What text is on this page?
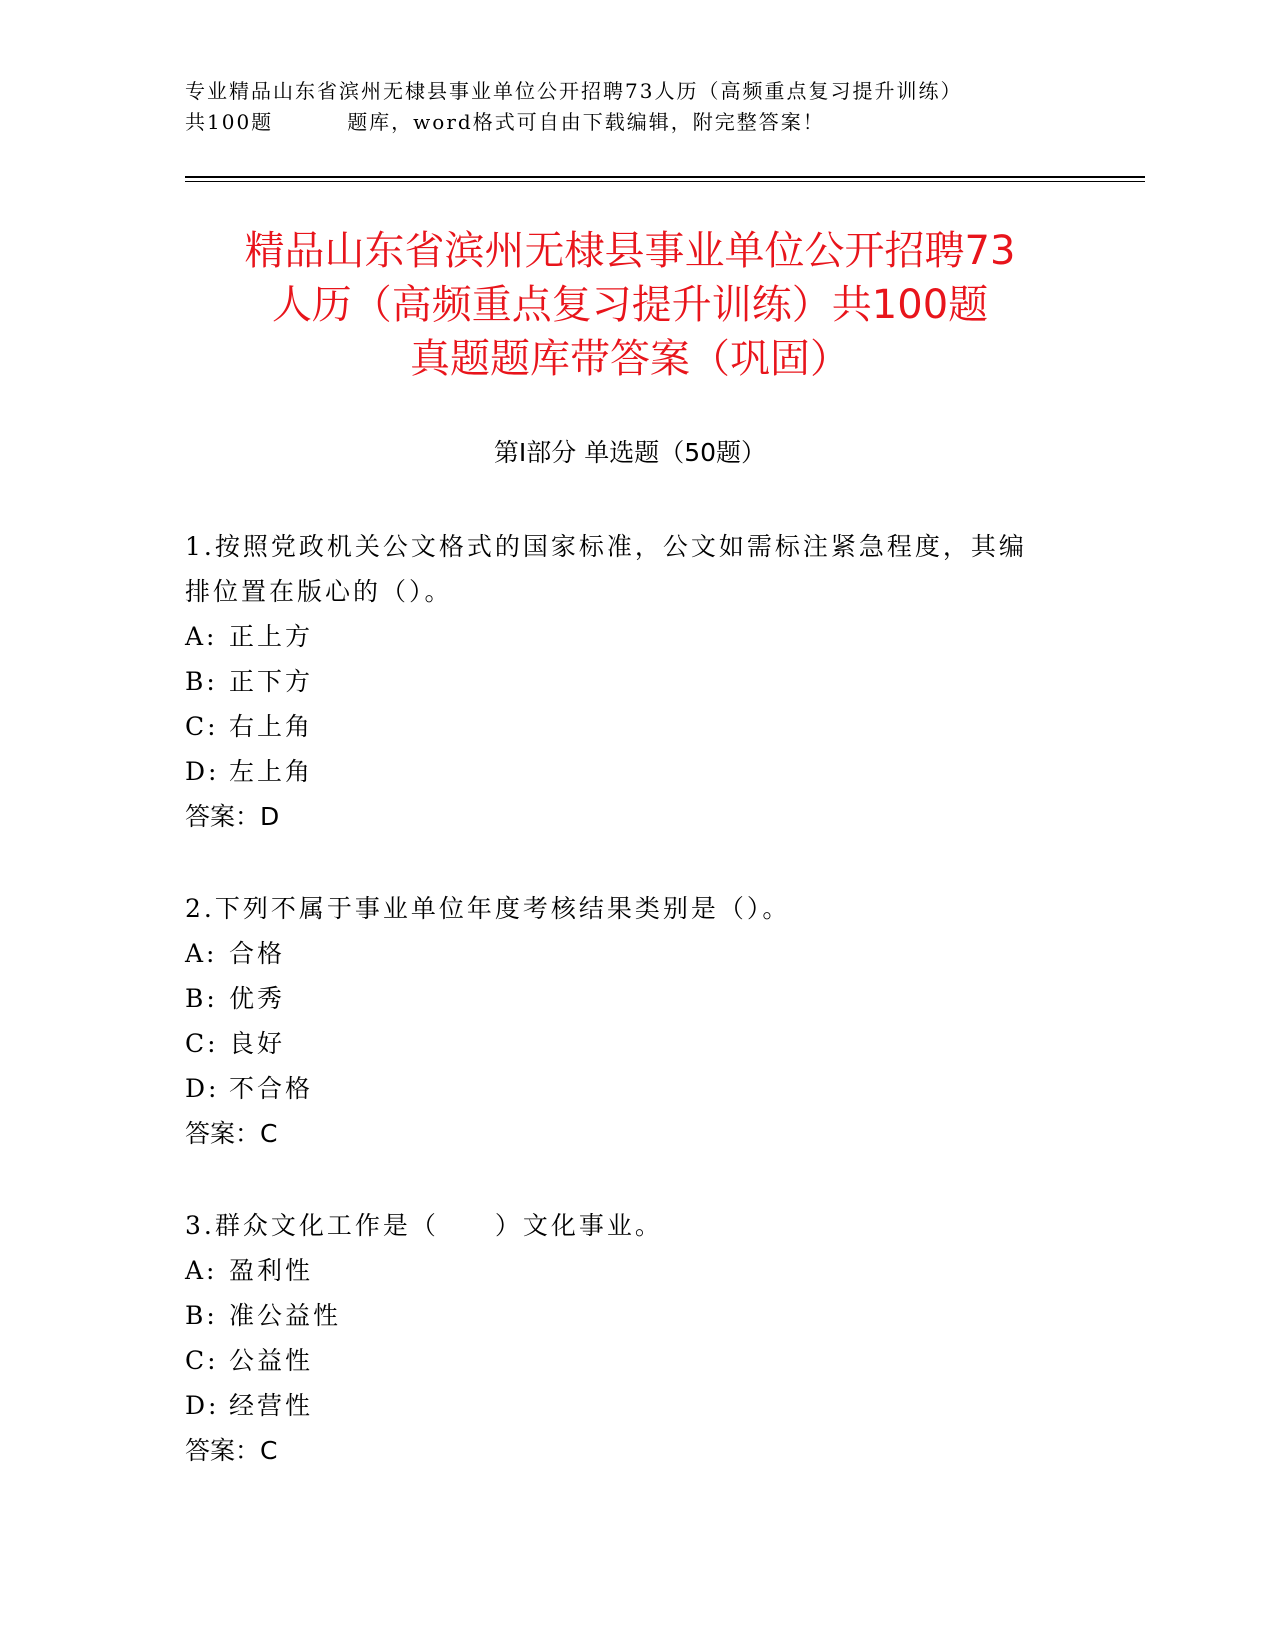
专业精品山东省滨州无棣县事业单位公开招聘73人历（高频重点复习提升训练）
共100题	题库，word格式可自由下载编辑，附完整答案！
精品山东省滨州无棣县事业单位公开招聘73
人历（高频重点复习提升训练）共100题
真题题库带答案（巩固）
第Ⅰ部分 单选题（50题）
1.按照党政机关公文格式的国家标准，公文如需标注紧急程度，其编
排位置在版心的（）。
A: 正上方
B: 正下方
C: 右上角
D: 左上角
答案：D
2.下列不属于事业单位年度考核结果类别是（）。
A: 合格
B: 优秀
C: 良好
D: 不合格
答案：C
3.群众文化工作是（　　）文化事业。
A: 盈利性
B: 准公益性
C: 公益性
D: 经营性
答案：C
